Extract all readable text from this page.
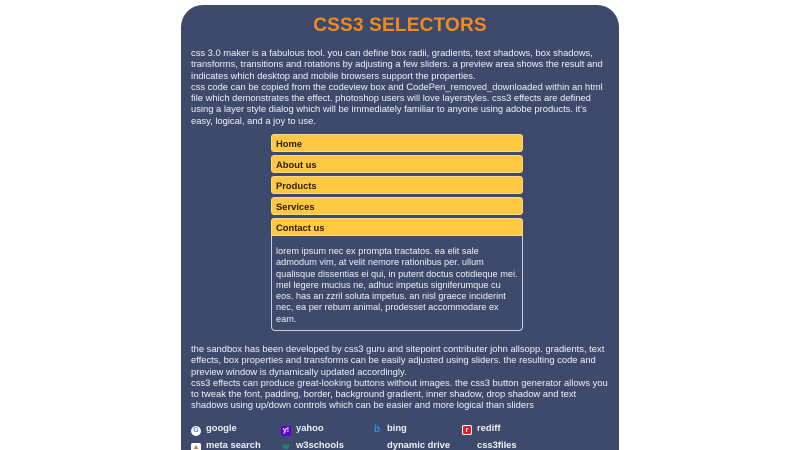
CSS3 SELECTORS

css 3.0 maker is a fabulous tool. you can define box radii, gradients, text shadows, box shadows, transforms, transitions and rotations by adjusting a few sliders. a preview area shows the result and indicates which desktop and mobile browsers support the properties.

css code can be copied from the codeview box and CodePen_removed_downloaded within an html file which demonstrates the effect. photoshop users will love layerstyles. css3 effects are defined using a layer style dialog which will be immediately familiar to anyone using adobe products. it's easy, logical, and a joy to use.

Home
About us
Products
Services
Contact us
lorem ipsum nec ex prompta tractatos. ea elit sale admodum vim, at velit nemore rationibus per. ullum qualisque dissentias ei qui, in putent doctus cotidieque mei. mel legere mucius ne, adhuc impetus signiferumque cu eos. has an zzril soluta impetus. an nisl graece inciderint nec, ea per rebum animal, prodesset accommodare ex eam.

the sandbox has been developed by css3 guru and sitepoint contributer john allsopp. gradients, text effects, box properties and transforms can be easily adjusted using sliders. the resulting code and preview window is dynamically updated accordingly.

css3 effects can produce great-looking buttons without images. the css3 button generator allows you to tweak the font, padding, border, background gradient, inner shadow, drop shadow and text shadows using up/down controls which can be easier and more logical than sliders

G google	y! yahoo	b bing	r rediff
▲ meta search	w w3schools	dynamic drive	css3files
